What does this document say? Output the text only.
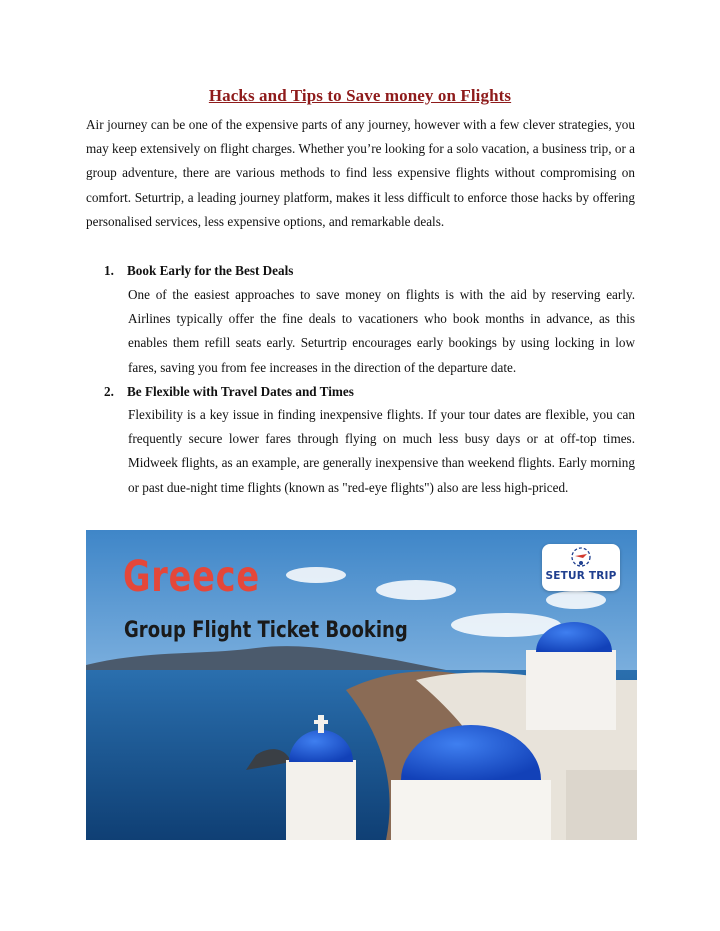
Hacks and Tips to Save money on Flights

Air journey can be one of the expensive parts of any journey, however with a few clever strategies, you may keep extensively on flight charges. Whether you’re looking for a solo vacation, a business trip, or a group adventure, there are various methods to find less expensive flights without compromising on comfort. Seturtrip, a leading journey platform, makes it less difficult to enforce those hacks by offering personalised services, less expensive options, and remarkable deals.

1. Book Early for the Best Deals

One of the easiest approaches to save money on flights is with the aid by reserving early. Airlines typically offer the fine deals to vacationers who book months in advance, as this enables them refill seats early. Seturtrip encourages early bookings by using locking in low fares, saving you from fee increases in the direction of the departure date.

2. Be Flexible with Travel Dates and Times

Flexibility is a key issue in finding inexpensive flights. If your tour dates are flexible, you can frequently secure lower fares through flying on much less busy days or at off-top times. Midweek flights, as an example, are generally inexpensive than weekend flights. Early morning or past due-night time flights (known as "red-eye flights") also are less high-priced.

Greece
Group Flight Ticket Booking
SETUR TRIP
